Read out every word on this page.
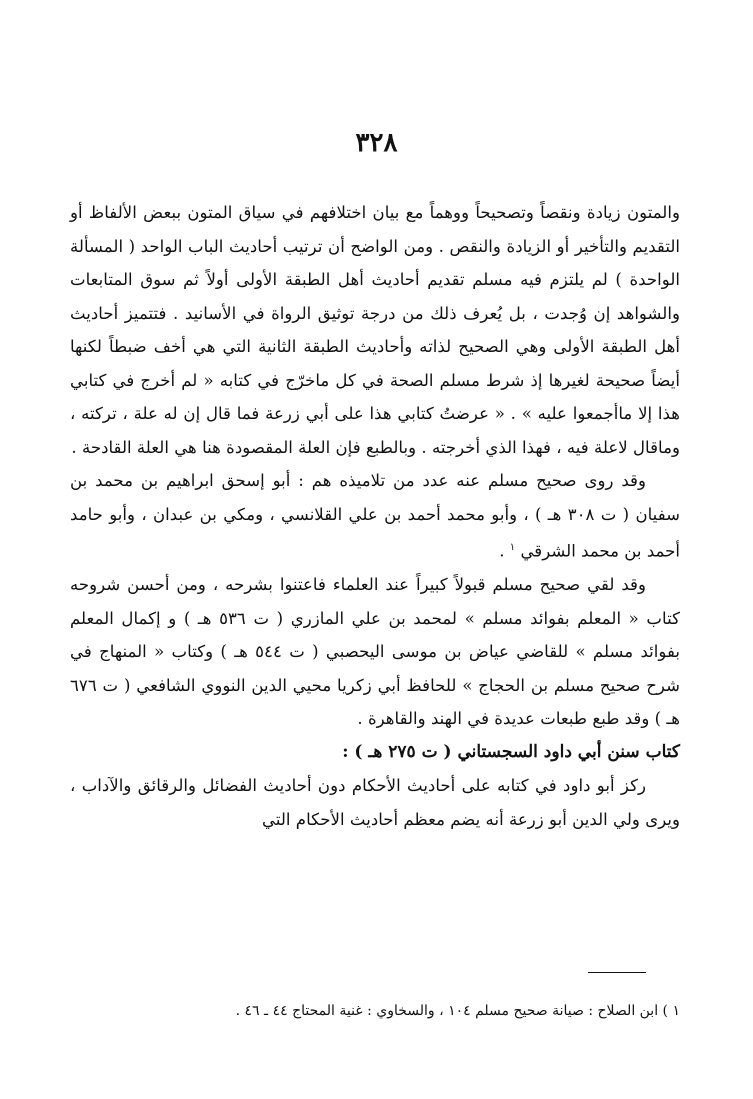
٣٢٨

والمتون زيادة ونقصاً وتصحيحاً ووهماً مع بيان اختلافهم في سياق المتون ببعض الألفاظ أو التقديم والتأخير أو الزيادة والنقص . ومن الواضح أن ترتيب أحاديث الباب الواحد ( المسألة الواحدة ) لم يلتزم فيه مسلم تقديم أحاديث أهل الطبقة الأولى أولاً ثم سوق المتابعات والشواهد إن وُجدت ، بل يُعرف ذلك من درجة توثيق الرواة في الأسانيد . فتتميز أحاديث أهل الطبقة الأولى وهي الصحيح لذاته وأحاديث الطبقة الثانية التي هي أخف ضبطاً لكنها أيضاً صحيحة لغيرها إذ شرط مسلم الصحة في كل ماخرّج في كتابه « لم أخرج في كتابي هذا إلا ماأجمعوا عليه » . « عرضتُ كتابي هذا على أبي زرعة فما قال إن له علة ، تركته ، وماقال لاعلة فيه ، فهذا الذي أخرجته . وبالطبع فإن العلة المقصودة هنا هي العلة القادحة .

وقد روى صحيح مسلم عنه عدد من تلاميذه هم : أبو إسحق ابراهيم بن محمد بن سفيان ( ت ٣٠٨ هـ ) ، وأبو محمد أحمد بن علي القلانسي ، ومكي بن عبدان ، وأبو حامد أحمد بن محمد الشرقي $^١$ .

وقد لقي صحيح مسلم قبولاً كبيراً عند العلماء فاعتنوا بشرحه ، ومن أحسن شروحه كتاب « المعلم بفوائد مسلم » لمحمد بن علي المازري ( ت ٥٣٦ هـ ) و إكمال المعلم بفوائد مسلم » للقاضي عياض بن موسى اليحصبي ( ت ٥٤٤ هـ ) وكتاب « المنهاج في شرح صحيح مسلم بن الحجاج » للحافظ أبي زكريا محيي الدين النووي الشافعي ( ت ٦٧٦ هـ ) وقد طبع طبعات عديدة في الهند والقاهرة .

كتاب سنن أبي داود السجستاني ( ت ٢٧٥ هـ ) :

ركز أبو داود في كتابه على أحاديث الأحكام دون أحاديث الفضائل والرقائق والآداب ، ويرى ولي الدين أبو زرعة أنه يضم معظم أحاديث الأحكام التي

١ ) ابن الصلاح : صيانة صحيح مسلم ١٠٤ ، والسخاوي : غنية المحتاج ٤٤ ـ ٤٦ .
